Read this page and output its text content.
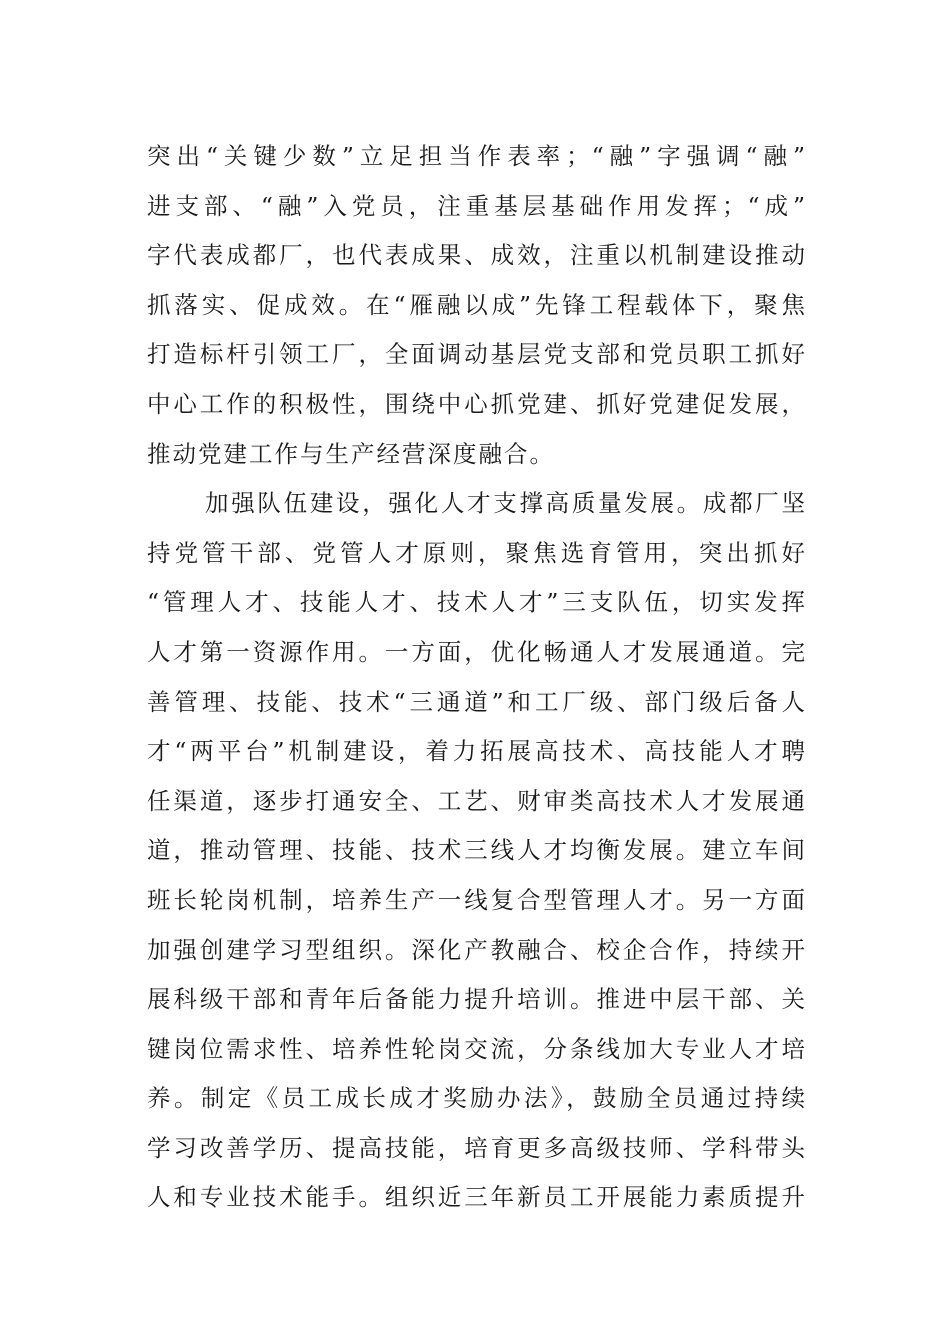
突出“关键少数”立足担当作表率；“融”字强调“融”
进支部、“融”入党员，注重基层基础作用发挥；“成”
字代表成都厂，也代表成果、成效，注重以机制建设推动
抓落实、促成效。在“雁融以成”先锋工程载体下，聚焦
打造标杆引领工厂，全面调动基层党支部和党员职工抓好
中心工作的积极性，围绕中心抓党建、抓好党建促发展，
推动党建工作与生产经营深度融合。
加强队伍建设，强化人才支撑高质量发展。成都厂坚
持党管干部、党管人才原则，聚焦选育管用，突出抓好
“管理人才、技能人才、技术人才”三支队伍，切实发挥
人才第一资源作用。一方面，优化畅通人才发展通道。完
善管理、技能、技术“三通道”和工厂级、部门级后备人
才“两平台”机制建设，着力拓展高技术、高技能人才聘
任渠道，逐步打通安全、工艺、财审类高技术人才发展通
道，推动管理、技能、技术三线人才均衡发展。建立车间
班长轮岗机制，培养生产一线复合型管理人才。另一方面
加强创建学习型组织。深化产教融合、校企合作，持续开
展科级干部和青年后备能力提升培训。推进中层干部、关
键岗位需求性、培养性轮岗交流，分条线加大专业人才培
养。制定《员工成长成才奖励办法》，鼓励全员通过持续
学习改善学历、提高技能，培育更多高级技师、学科带头
人和专业技术能手。组织近三年新员工开展能力素质提升
